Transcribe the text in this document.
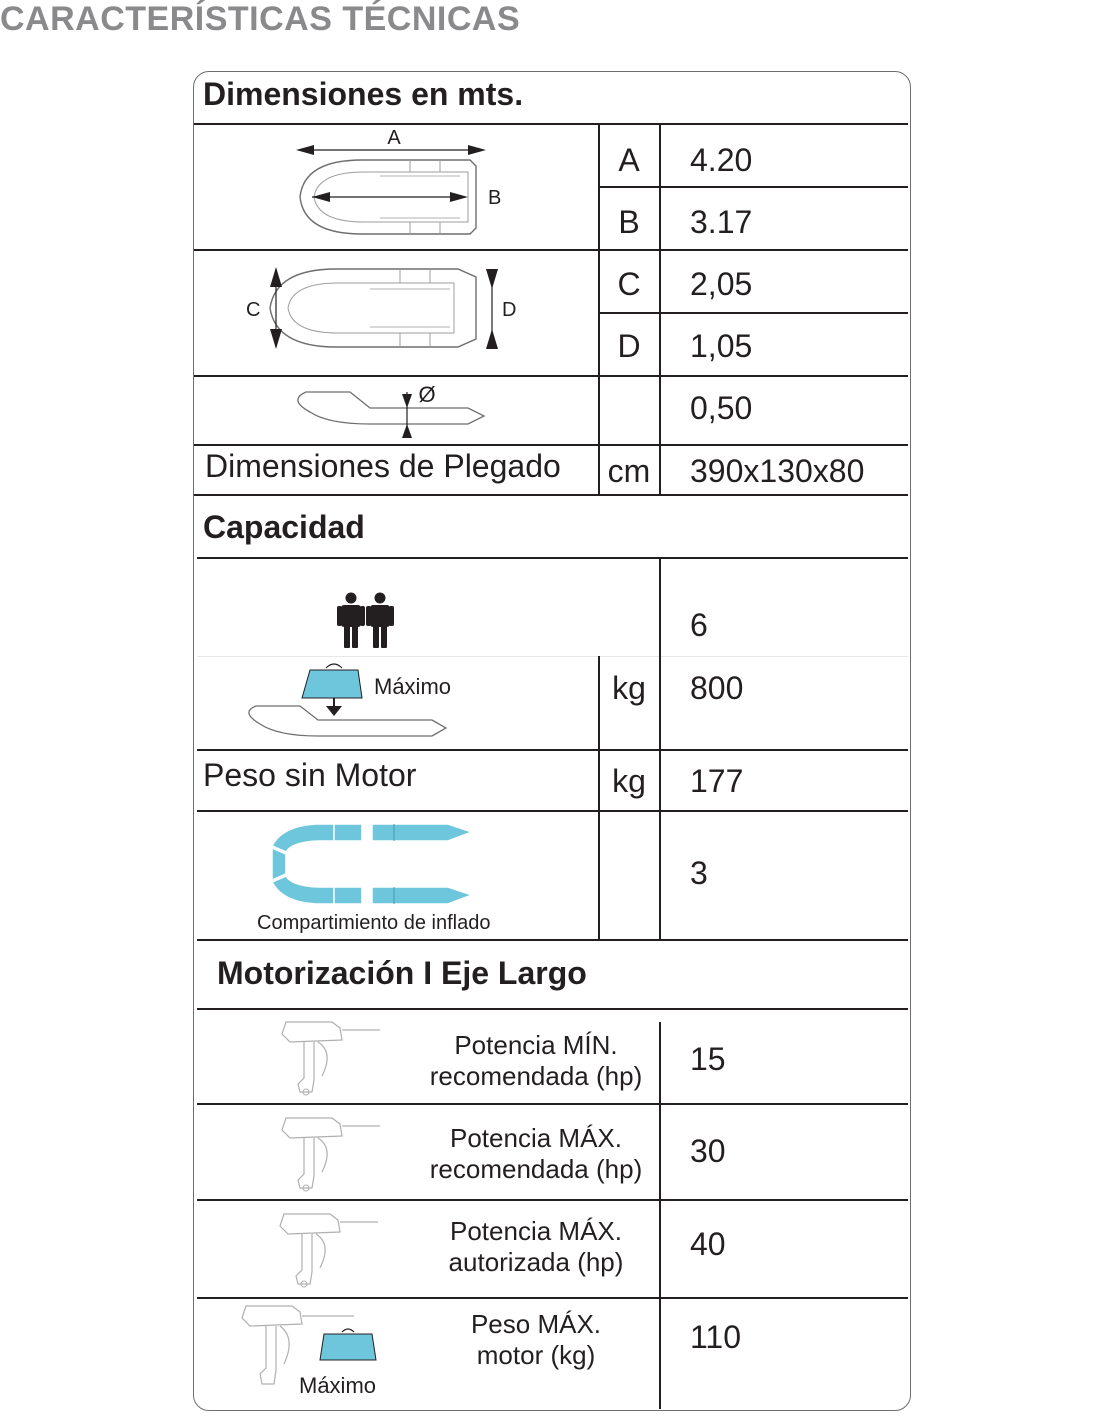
CARACTERÍSTICAS TÉCNICAS
Dimensiones en mts.
A
B
C	D
Ø
A	4.20
B	3.17
C	2,05
D	1,05
0,50
Dimensiones de Plegado cm 390x130x80
Capacidad
6
Máximo	kg	800
Peso sin Motor	kg	177
Compartimiento de inflado
3
Motorización I Eje Largo
Máximo
Potencia MÍN.
recomendada (hp)	15
Potencia MÁX.
recomendada (hp)	30
Potencia MÁX.
autorizada (hp)	40
Peso MÁX.
motor (kg)	110
